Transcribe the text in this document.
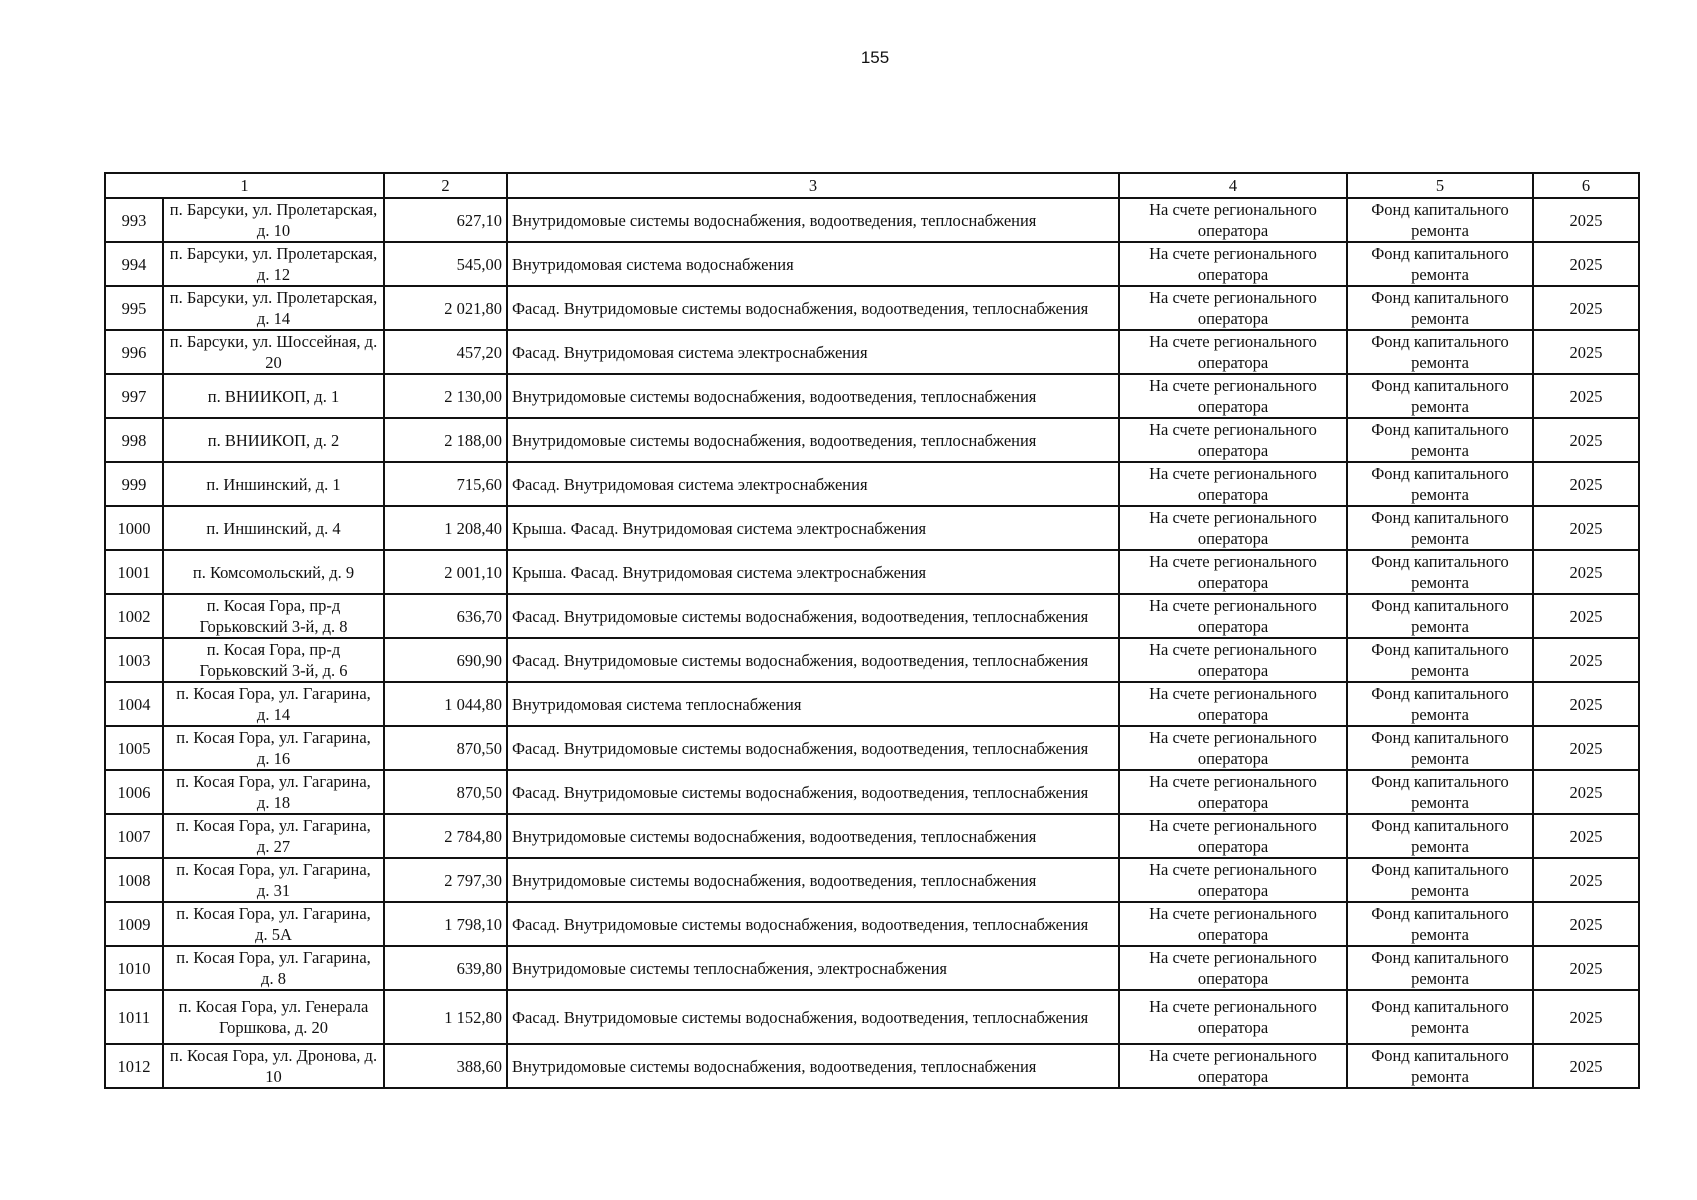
155
1		2	3	4	5	6
993	п. Барсуки, ул. Пролетарская, д. 10	627,10	Внутридомовые системы водоснабжения, водоотведения, теплоснабжения	На счете регионального оператора	Фонд капитального ремонта	2025
994	п. Барсуки, ул. Пролетарская, д. 12	545,00	Внутридомовая система водоснабжения	На счете регионального оператора	Фонд капитального ремонта	2025
995	п. Барсуки, ул. Пролетарская, д. 14	2 021,80	Фасад. Внутридомовые системы водоснабжения, водоотведения, теплоснабжения	На счете регионального оператора	Фонд капитального ремонта	2025
996	п. Барсуки, ул. Шоссейная, д. 20	457,20	Фасад. Внутридомовая система электроснабжения	На счете регионального оператора	Фонд капитального ремонта	2025
997	п. ВНИИКОП, д. 1	2 130,00	Внутридомовые системы водоснабжения, водоотведения, теплоснабжения	На счете регионального оператора	Фонд капитального ремонта	2025
998	п. ВНИИКОП, д. 2	2 188,00	Внутридомовые системы водоснабжения, водоотведения, теплоснабжения	На счете регионального оператора	Фонд капитального ремонта	2025
999	п. Иншинский, д. 1	715,60	Фасад. Внутридомовая система электроснабжения	На счете регионального оператора	Фонд капитального ремонта	2025
1000	п. Иншинский, д. 4	1 208,40	Крыша. Фасад. Внутридомовая система электроснабжения	На счете регионального оператора	Фонд капитального ремонта	2025
1001	п. Комсомольский, д. 9	2 001,10	Крыша. Фасад. Внутридомовая система электроснабжения	На счете регионального оператора	Фонд капитального ремонта	2025
1002	п. Косая Гора, пр-д Горьковский 3-й, д. 8	636,70	Фасад. Внутридомовые системы водоснабжения, водоотведения, теплоснабжения	На счете регионального оператора	Фонд капитального ремонта	2025
1003	п. Косая Гора, пр-д Горьковский 3-й, д. 6	690,90	Фасад. Внутридомовые системы водоснабжения, водоотведения, теплоснабжения	На счете регионального оператора	Фонд капитального ремонта	2025
1004	п. Косая Гора, ул. Гагарина, д. 14	1 044,80	Внутридомовая система теплоснабжения	На счете регионального оператора	Фонд капитального ремонта	2025
1005	п. Косая Гора, ул. Гагарина, д. 16	870,50	Фасад. Внутридомовые системы водоснабжения, водоотведения, теплоснабжения	На счете регионального оператора	Фонд капитального ремонта	2025
1006	п. Косая Гора, ул. Гагарина, д. 18	870,50	Фасад. Внутридомовые системы водоснабжения, водоотведения, теплоснабжения	На счете регионального оператора	Фонд капитального ремонта	2025
1007	п. Косая Гора, ул. Гагарина, д. 27	2 784,80	Внутридомовые системы водоснабжения, водоотведения, теплоснабжения	На счете регионального оператора	Фонд капитального ремонта	2025
1008	п. Косая Гора, ул. Гагарина, д. 31	2 797,30	Внутридомовые системы водоснабжения, водоотведения, теплоснабжения	На счете регионального оператора	Фонд капитального ремонта	2025
1009	п. Косая Гора, ул. Гагарина, д. 5А	1 798,10	Фасад. Внутридомовые системы водоснабжения, водоотведения, теплоснабжения	На счете регионального оператора	Фонд капитального ремонта	2025
1010	п. Косая Гора, ул. Гагарина, д. 8	639,80	Внутридомовые системы теплоснабжения, электроснабжения	На счете регионального оператора	Фонд капитального ремонта	2025
1011	п. Косая Гора, ул. Генерала Горшкова, д. 20	1 152,80	Фасад. Внутридомовые системы водоснабжения, водоотведения, теплоснабжения	На счете регионального оператора	Фонд капитального ремонта	2025
1012	п. Косая Гора, ул. Дронова, д. 10	388,60	Внутридомовые системы водоснабжения, водоотведения, теплоснабжения	На счете регионального оператора	Фонд капитального ремонта	2025
